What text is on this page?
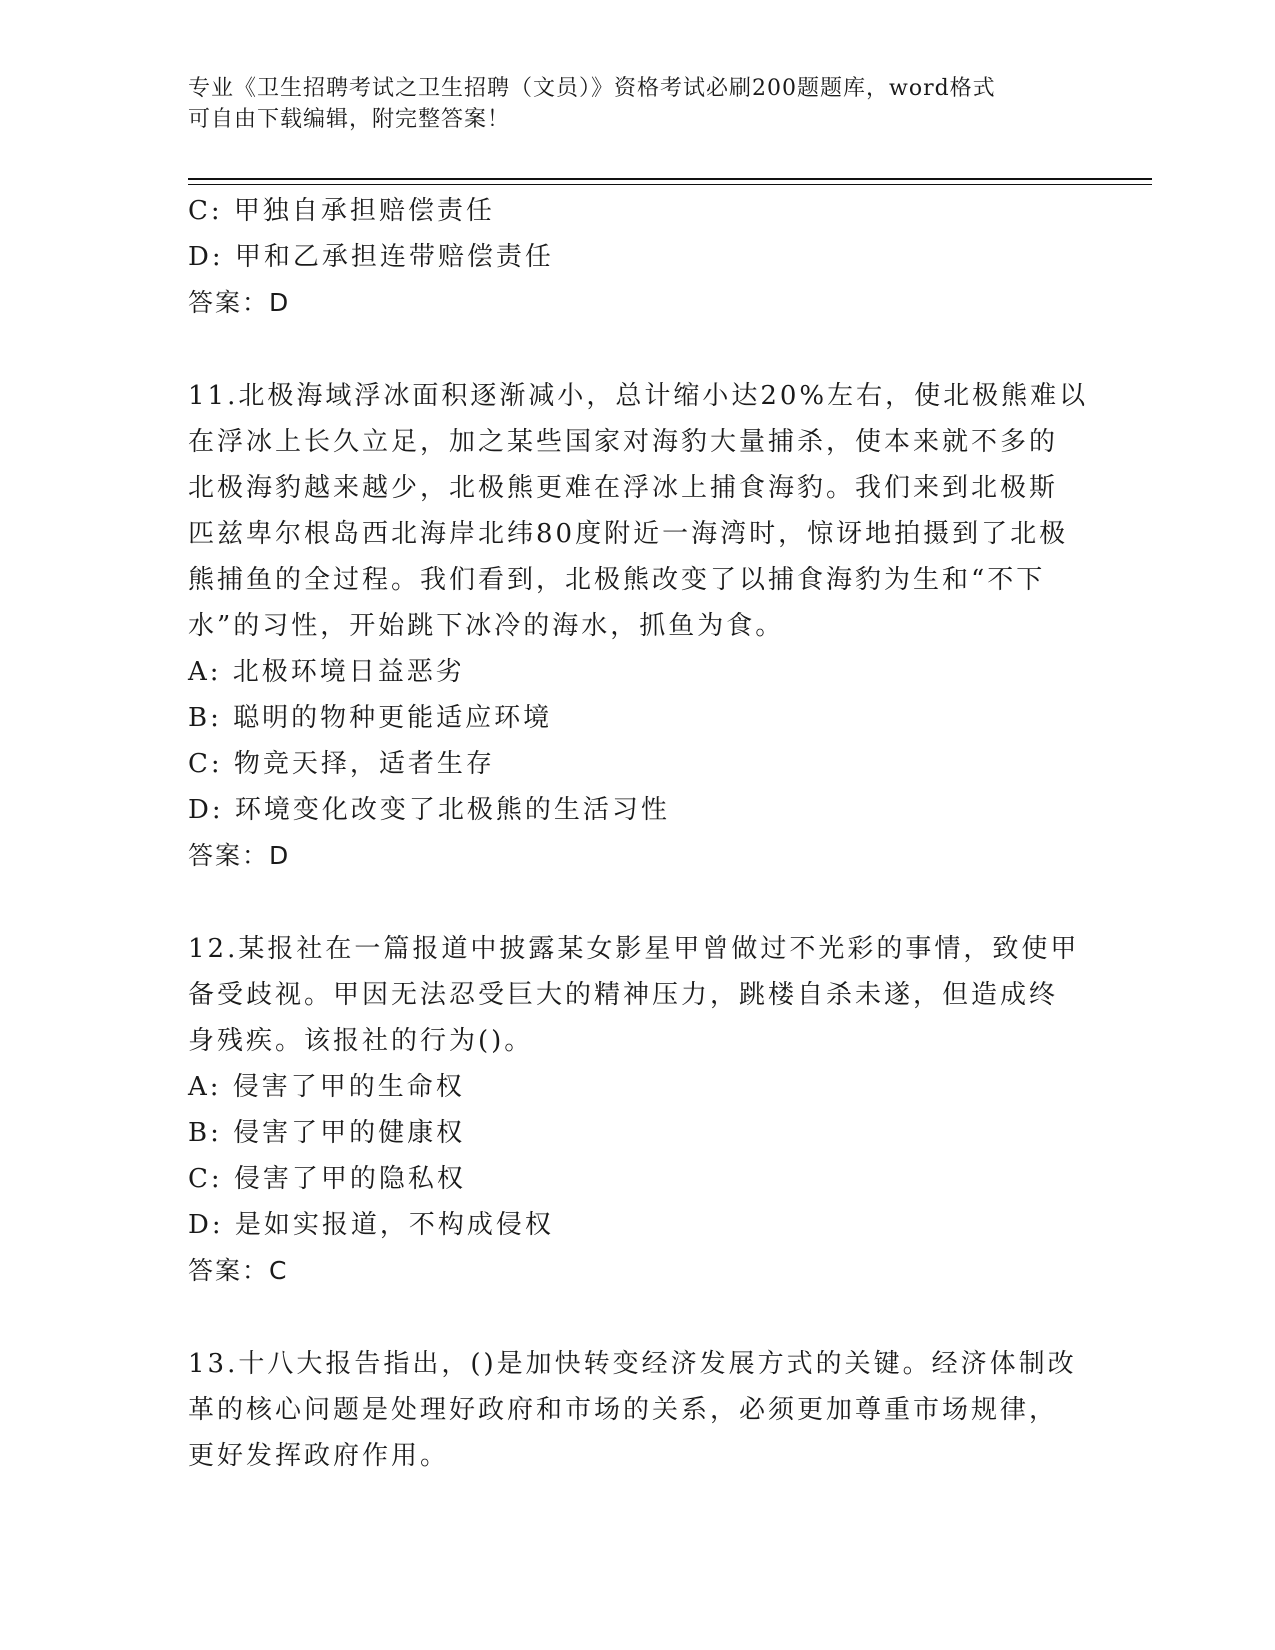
专业《卫生招聘考试之卫生招聘（文员）》资格考试必刷200题题库，word格式
可自由下载编辑，附完整答案！
C: 甲独自承担赔偿责任
D: 甲和乙承担连带赔偿责任
答案：D
11.北极海域浮冰面积逐渐减小，总计缩小达20%左右，使北极熊难以
在浮冰上长久立足，加之某些国家对海豹大量捕杀，使本来就不多的
北极海豹越来越少，北极熊更难在浮冰上捕食海豹。我们来到北极斯
匹兹卑尔根岛西北海岸北纬80度附近一海湾时，惊讶地拍摄到了北极
熊捕鱼的全过程。我们看到，北极熊改变了以捕食海豹为生和“不下
水”的习性，开始跳下冰冷的海水，抓鱼为食。
A: 北极环境日益恶劣
B: 聪明的物种更能适应环境
C: 物竞天择，适者生存
D: 环境变化改变了北极熊的生活习性
答案：D
12.某报社在一篇报道中披露某女影星甲曾做过不光彩的事情，致使甲
备受歧视。甲因无法忍受巨大的精神压力，跳楼自杀未遂，但造成终
身残疾。该报社的行为()。
A: 侵害了甲的生命权
B: 侵害了甲的健康权
C: 侵害了甲的隐私权
D: 是如实报道，不构成侵权
答案：C
13.十八大报告指出，()是加快转变经济发展方式的关键。经济体制改
革的核心问题是处理好政府和市场的关系，必须更加尊重市场规律，
更好发挥政府作用。
